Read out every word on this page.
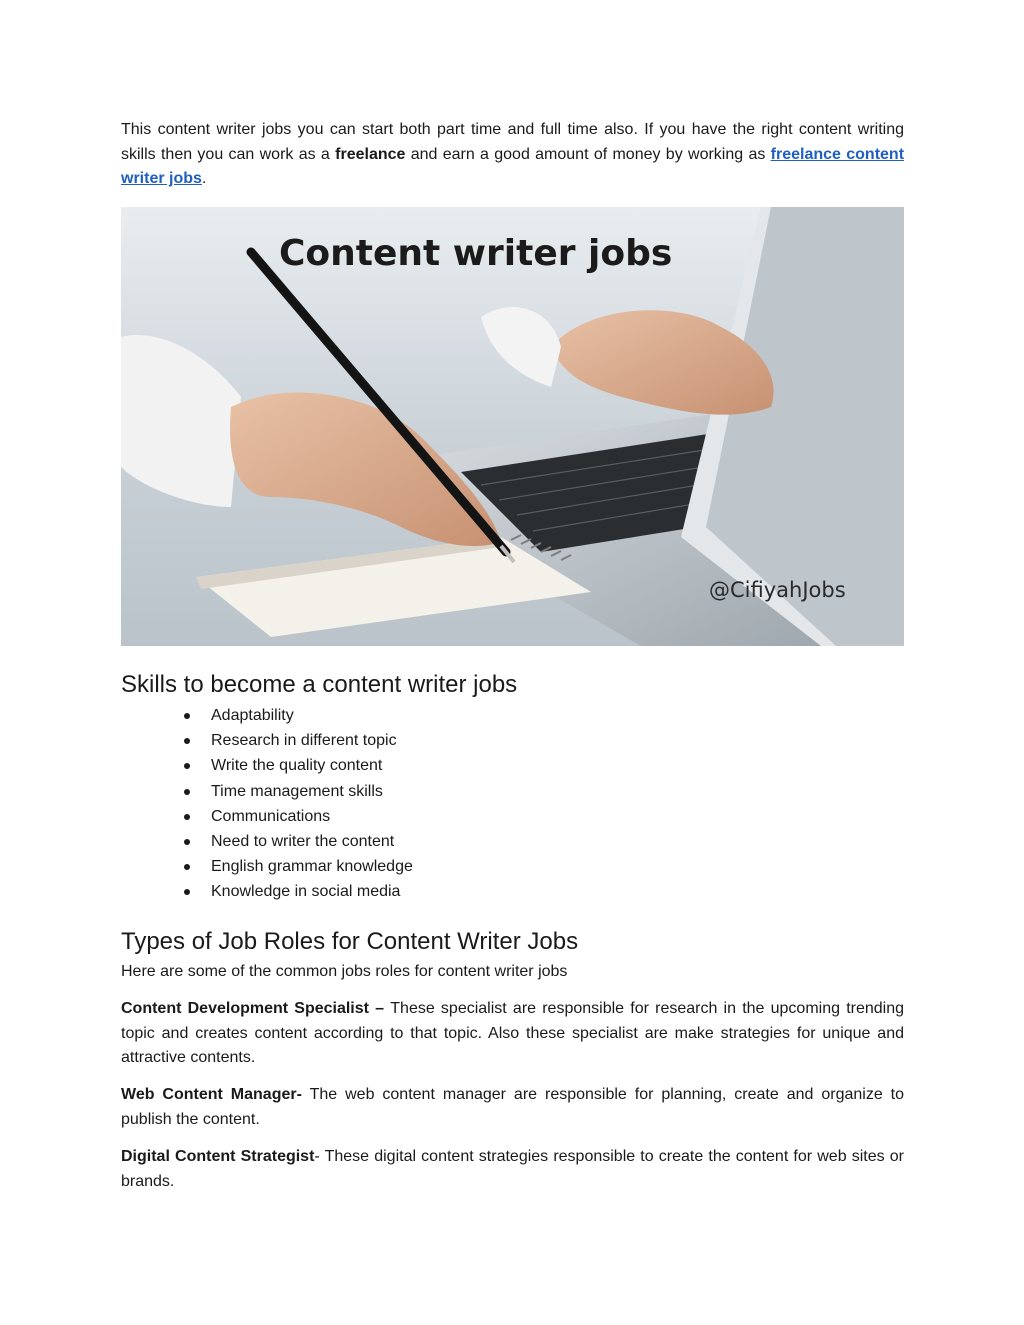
This content writer jobs you can start both part time and full time also. If you have the right content writing skills then you can work as a freelance and earn a good amount of money by working as freelance content writer jobs.

Content writer jobs
@CifiyahJobs
Skills to become a content writer jobs
Adaptability
Research in different topic
Write the quality content
Time management skills
Communications
Need to writer the content
English grammar knowledge
Knowledge in social media
Types of Job Roles for Content Writer Jobs

Here are some of the common jobs roles for content writer jobs

Content Development Specialist – These specialist are responsible for research in the upcoming trending topic and creates content according to that topic. Also these specialist are make strategies for unique and attractive contents.

Web Content Manager- The web content manager are responsible for planning, create and organize to publish the content.

Digital Content Strategist- These digital content strategies responsible to create the content for web sites or brands.
